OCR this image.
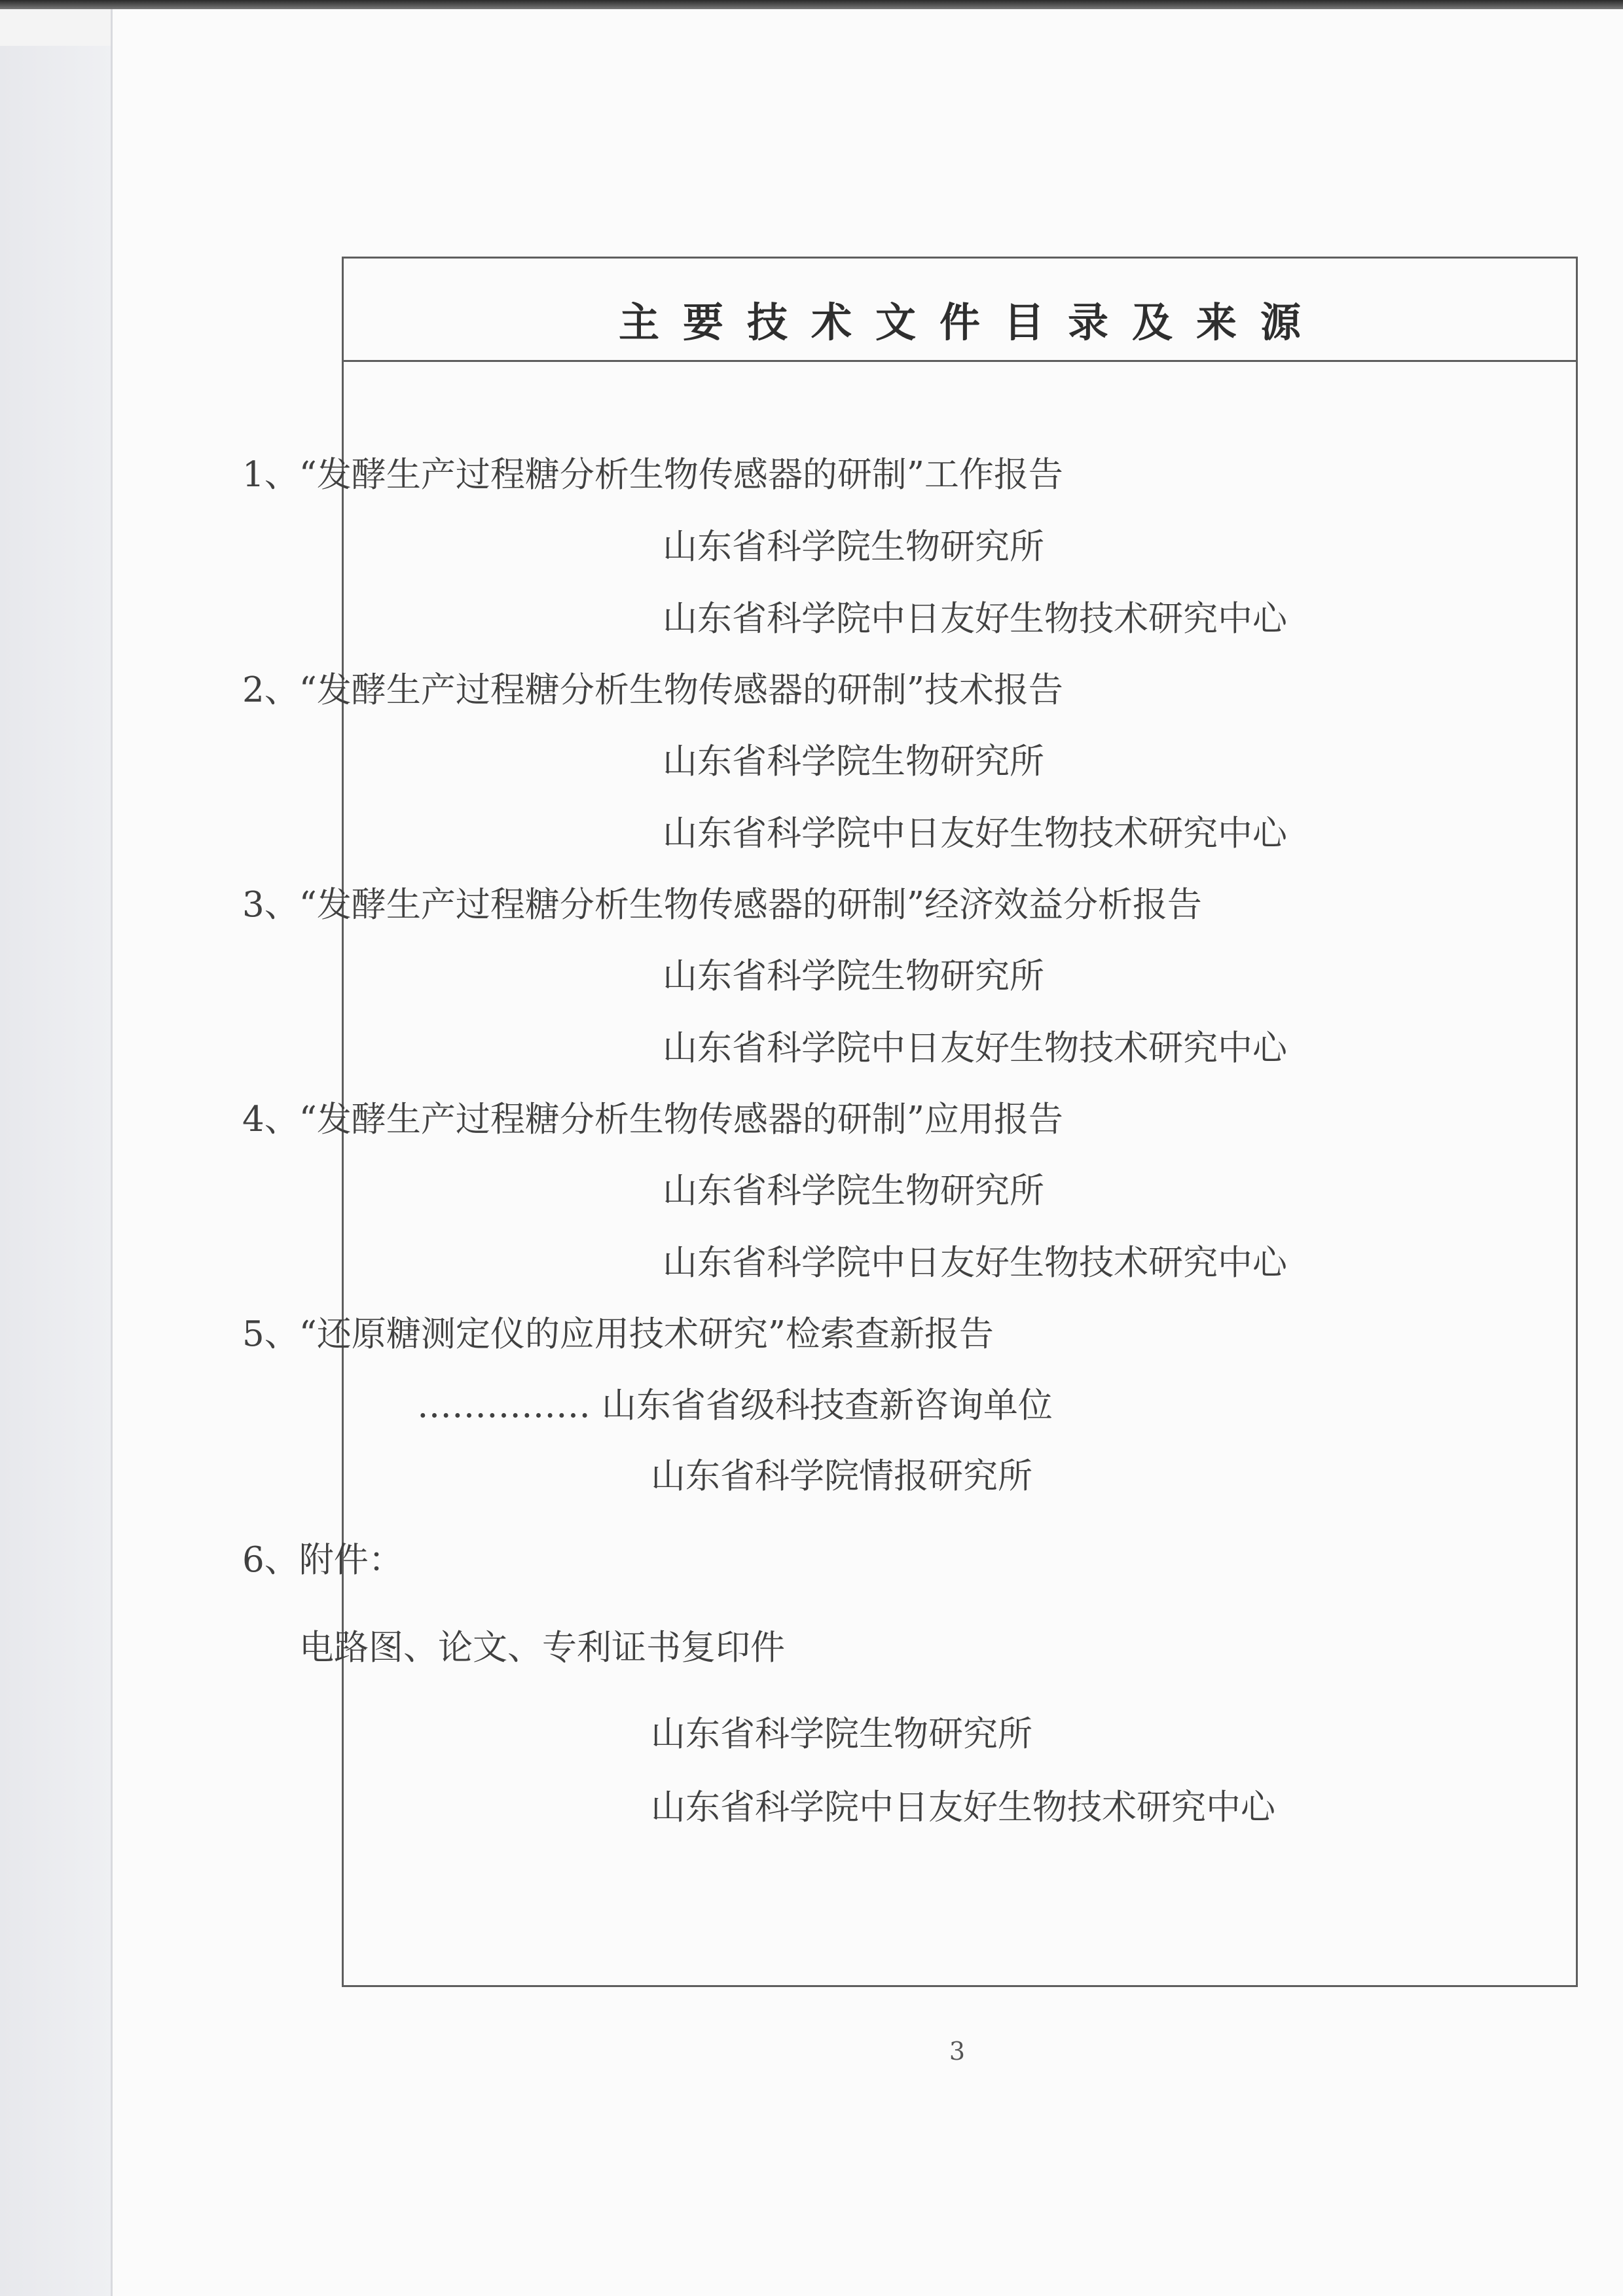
主要技术文件目录及来源
1、“发酵生产过程糖分析生物传感器的研制”工作报告
山东省科学院生物研究所
山东省科学院中日友好生物技术研究中心
2、“发酵生产过程糖分析生物传感器的研制”技术报告
山东省科学院生物研究所
山东省科学院中日友好生物技术研究中心
3、“发酵生产过程糖分析生物传感器的研制”经济效益分析报告
山东省科学院生物研究所
山东省科学院中日友好生物技术研究中心
4、“发酵生产过程糖分析生物传感器的研制”应用报告
山东省科学院生物研究所
山东省科学院中日友好生物技术研究中心
5、“还原糖测定仪的应用技术研究”检索查新报告
…………… 山东省省级科技查新咨询单位
山东省科学院情报研究所
6、附件：
电路图、论文、专利证书复印件
山东省科学院生物研究所
山东省科学院中日友好生物技术研究中心
3
